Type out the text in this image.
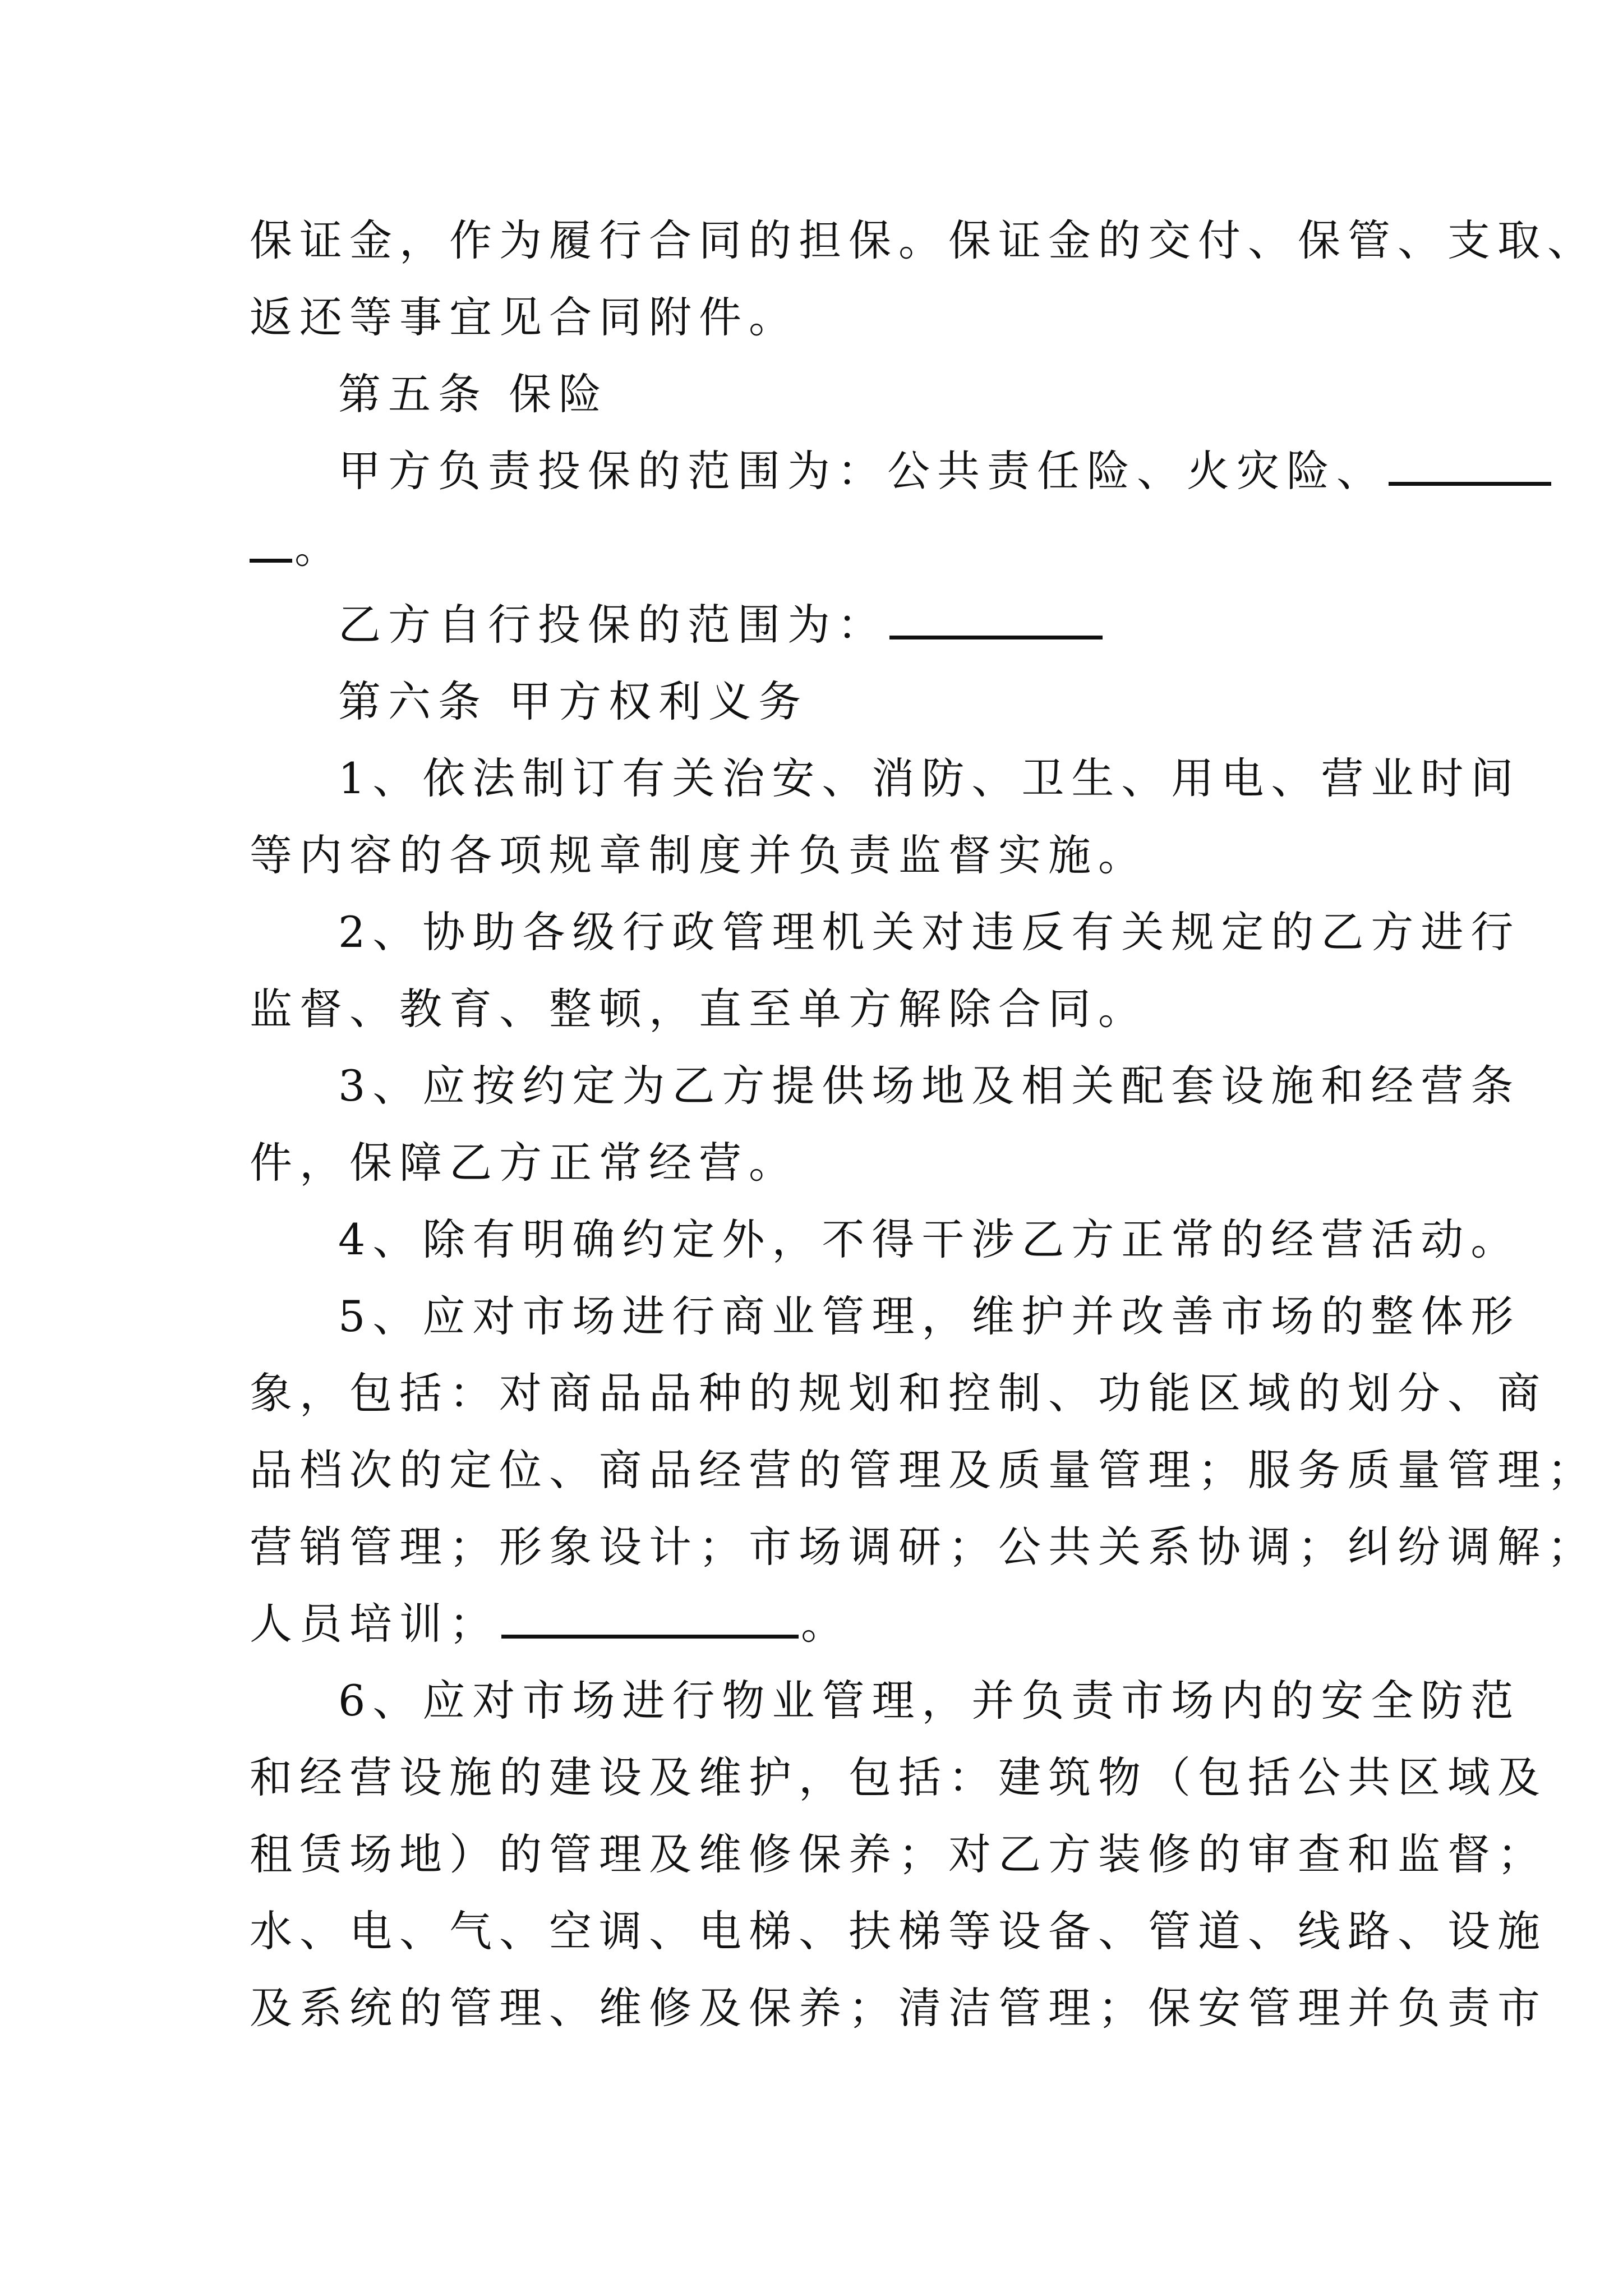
保证金，作为履行合同的担保。保证金的交付、保管、支取、
返还等事宜见合同附件。
第五条 保险
甲方负责投保的范围为：公共责任险、火灾险、
。
乙方自行投保的范围为：
第六条 甲方权利义务
1、依法制订有关治安、消防、卫生、用电、营业时间
等内容的各项规章制度并负责监督实施。
2、协助各级行政管理机关对违反有关规定的乙方进行
监督、教育、整顿，直至单方解除合同。
3、应按约定为乙方提供场地及相关配套设施和经营条
件，保障乙方正常经营。
4、除有明确约定外，不得干涉乙方正常的经营活动。
5、应对市场进行商业管理，维护并改善市场的整体形
象，包括：对商品品种的规划和控制、功能区域的划分、商
品档次的定位、商品经营的管理及质量管理；服务质量管理；
营销管理；形象设计；市场调研；公共关系协调；纠纷调解；
人员培训；	。
6、应对市场进行物业管理，并负责市场内的安全防范
和经营设施的建设及维护，包括：建筑物（包括公共区域及
租赁场地）的管理及维修保养；对乙方装修的审查和监督；
水、电、气、空调、电梯、扶梯等设备、管道、线路、设施
及系统的管理、维修及保养；清洁管理；保安管理并负责市
